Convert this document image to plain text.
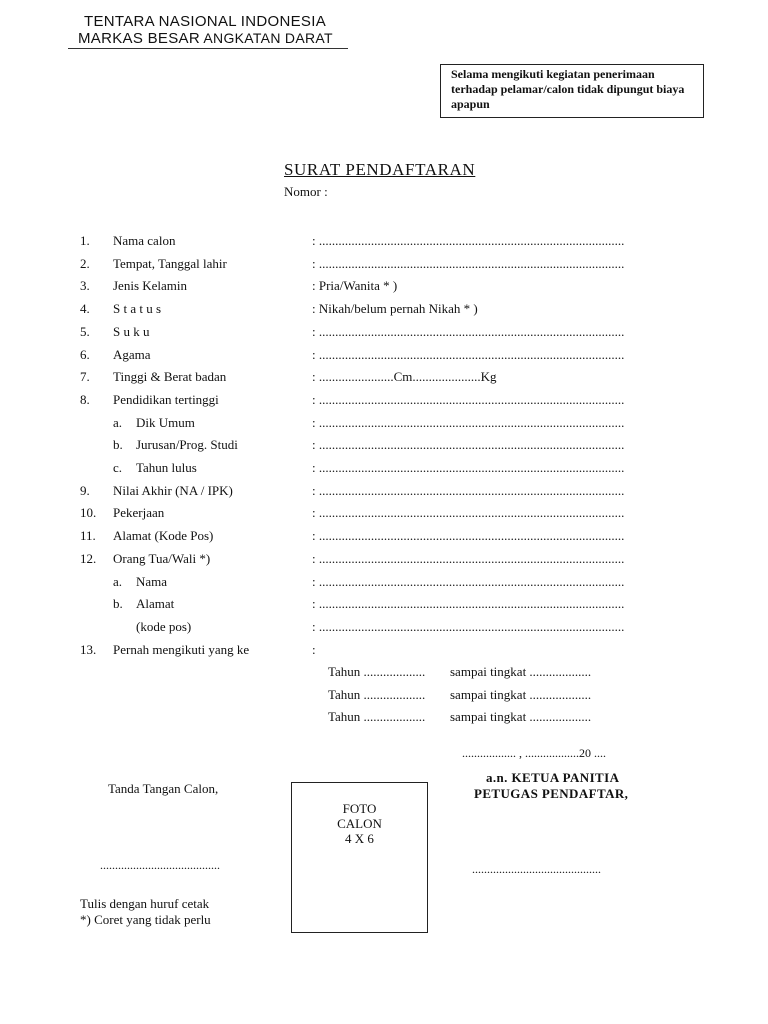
TENTARA NASIONAL INDONESIA
MARKAS BESAR ANGKATAN DARAT
Selama mengikuti kegiatan penerimaan terhadap pelamar/calon tidak dipungut biaya apapun
SURAT PENDAFTARAN
Nomor :
1. Nama calon	: ..............................................................................................
2. Tempat, Tanggal lahir	: ..............................................................................................
3. Jenis Kelamin	: Pria/Wanita * )
4. S t a t u s	: Nikah/belum pernah Nikah * )
5. S u k u	: ..............................................................................................
6. Agama	: ..............................................................................................
7. Tinggi & Berat badan	: .......................Cm.....................Kg
8. Pendidikan tertinggi	: ..............................................................................................
a. Dik Umum	: ..............................................................................................
b. Jurusan/Prog. Studi	: ..............................................................................................
c. Tahun lulus	: ..............................................................................................
9. Nilai Akhir (NA / IPK)	: ..............................................................................................
10. Pekerjaan	: ..............................................................................................
11. Alamat (Kode Pos)	: ..............................................................................................
12. Orang Tua/Wali *)	: ..............................................................................................
a. Nama	: ..............................................................................................
b. Alamat	: ..............................................................................................
(kode pos)	: ..............................................................................................
13. Pernah mengikuti yang ke	:
Tahun ................... sampai tingkat ...................
Tahun ................... sampai tingkat ...................
Tahun ................... sampai tingkat ...................
.................. , ..................20 ....
a.n. KETUA PANITIA
PETUGAS PENDAFTAR,
Tanda Tangan Calon,
FOTO
CALON
4 X 6
........................................	...........................................
Tulis dengan huruf cetak
*) Coret yang tidak perlu
